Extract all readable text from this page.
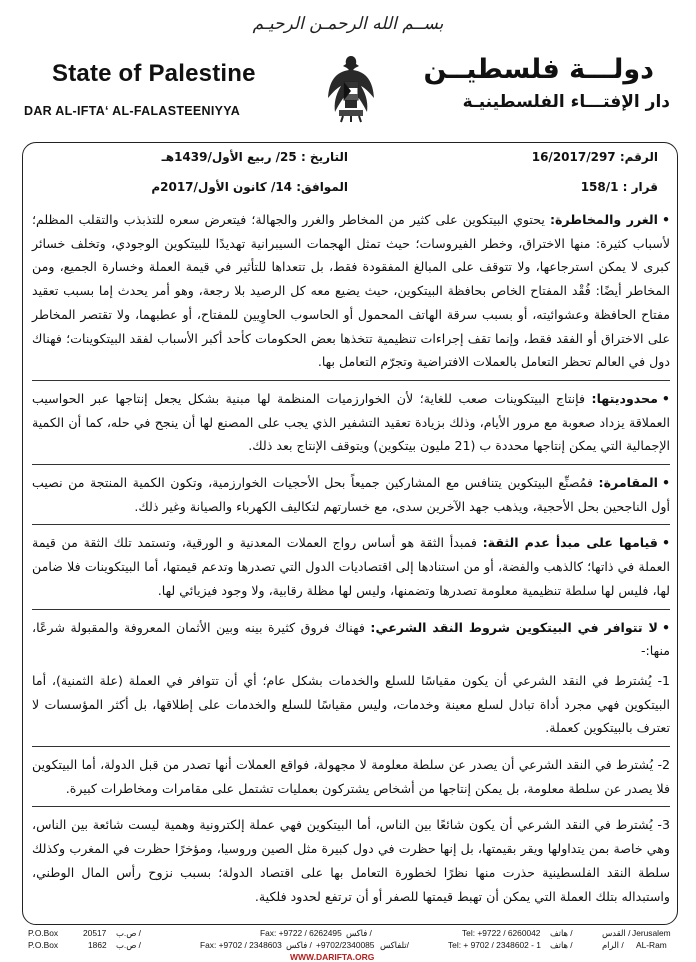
بســم الله الرحمـن الرحيـم
State of Palestine
DAR AL-IFTA‘ AL-FALASTEENIYYA
دولـــة فلسطيــن
دار الإفتـــاء الفلسطينيـة
الرقم: 16/2017/297
قرار : 158/1
التاريخ : 25/ ربيع الأول/1439هـ
الموافق: 14/ كانون الأول/2017م
•الغرر والمخاطرة: يحتوي البيتكوين على كثير من المخاطر والغرر والجهالة؛ فيتعرض سعره للتذبذب والتقلب المظلم؛ لأسباب كثيرة: منها الاختراق، وخطر الفيروسات؛ حيث تمثل الهجمات السيبرانية تهديدًا للبيتكوين الوجودي، وتخلف خسائر كبرى لا يمكن استرجاعها، ولا تتوقف على المبالغ المفقودة فقط، بل تتعداها للتأثير في قيمة العملة وخسارة الجميع، ومن المخاطر أيضًا: فُقْد المفتاح الخاص بحافظة البيتكوين، حيث يضيع معه كل الرصيد بلا رجعة، وهو أمر يحدث إما بسبب تعقيد مفتاح الحافظة وعشوائيته، أو بسبب سرقة الهاتف المحمول أو الحاسوب الحاوِيين للمفتاح، أو عطبهما، ولا تقتصر المخاطر على الاختراق أو الفقد فقط، وإنما تقف إجراءات تنظيمية تتخذها بعض الحكومات كأحد أكبر الأسباب لفقد البيتكوينات؛ فهناك دول في العالم تحظر التعامل بالعملات الافتراضية وتجرّم التعامل بها.
•محدوديتها: فإنتاج البيتكوينات صعب للغاية؛ لأن الخوارزميات المنظمة لها مبنية بشكل يجعل إنتاجها عبر الحواسيب العملاقة يزداد صعوبة مع مرور الأيام، وذلك بزيادة تعقيد التشفير الذي يجب على المصنع لها أن ينجح في حله، كما أن الكمية الإجمالية التي يمكن إنتاجها محددة ب (21 مليون بيتكوين) ويتوقف الإنتاج بعد ذلك.
•المقامرة: فمُصنِّع البيتكوين يتنافس مع المشاركين جميعاً بحل الأحجيات الخوارزمية، وتكون الكمية المنتجة من نصيب أول الناجحين بحل الأحجية، ويذهب جهد الآخرين سدى، مع خسارتهم لتكاليف الكهرباء والصيانة وغير ذلك.
•قيامها على مبدأ عدم الثقة: فمبدأ الثقة هو أساس رواج العملات المعدنية و الورقية، وتستمد تلك الثقة من قيمة العملة في ذاتها؛ كالذهب والفضة، أو من استنادها إلى اقتصاديات الدول التي تصدرها وتدعم قيمتها، أما البيتكوينات فلا ضامن لها، فليس لها سلطة تنظيمية معلومة تصدرها وتضمنها، وليس لها مظلة رقابية، ولا وجود فيزيائي لها.
•لا تتوافر في البيتكوين شروط النقد الشرعي: فهناك فروق كثيرة بينه وبين الأثمان المعروفة والمقبولة شرعًا، منها:-
1- يُشترط في النقد الشرعي أن يكون مقياسًا للسلع والخدمات بشكل عام؛ أي أن تتوافر في العملة (علة الثمنية)، أما البيتكوين فهي مجرد أداة تبادل لسلع معينة وخدمات، وليس مقياسًا للسلع والخدمات على إطلاقها، بل أكثر المؤسسات لا تعترف بالبيتكوين كعملة.
2- يُشترط في النقد الشرعي أن يصدر عن سلطة معلومة لا مجهولة، فواقع العملات أنها تصدر من قبل الدولة، أما البيتكوين فلا يصدر عن سلطة معلومة، بل يمكن إنتاجها من أشخاص يشتركون بعمليات تشتمل على مقامرات ومخاطرات كبيرة.
3- يُشترط في النقد الشرعي أن يكون شائعًا بين الناس، أما البيتكوين فهي عملة إلكترونية وهمية ليست شائعة بين الناس، وهي خاصة بمن يتداولها ويقر بقيمتها، بل إنها حظرت في دول كبيرة مثل الصين وروسيا، ومؤخرًا حظرت في المغرب وكذلك سلطة النقد الفلسطينية حذرت منها نظرًا لخطورة التعامل بها على اقتصاد الدولة؛ بسبب نزوح رأس المال الوطني، واستبداله بتلك العملة التي يمكن أن تهبط قيمتها للصفر أو أن ترتفع لحدود فلكية.
P.O.Box	20517 ص.ب /	Fax: +9722 / 6262495 فاكس /	Tel: +9722 / 6260042 هاتف /	القدس / Jerusalem
P.O.Box	1862 ص.ب /	Fax: +9702 / 2348603 فاكس / +9702/2340085 تلفاكس/	Tel: + 9702 / 2348602 - 1 هاتف /	الرام / AL-Ram
WWW.DARIFTA.ORG
